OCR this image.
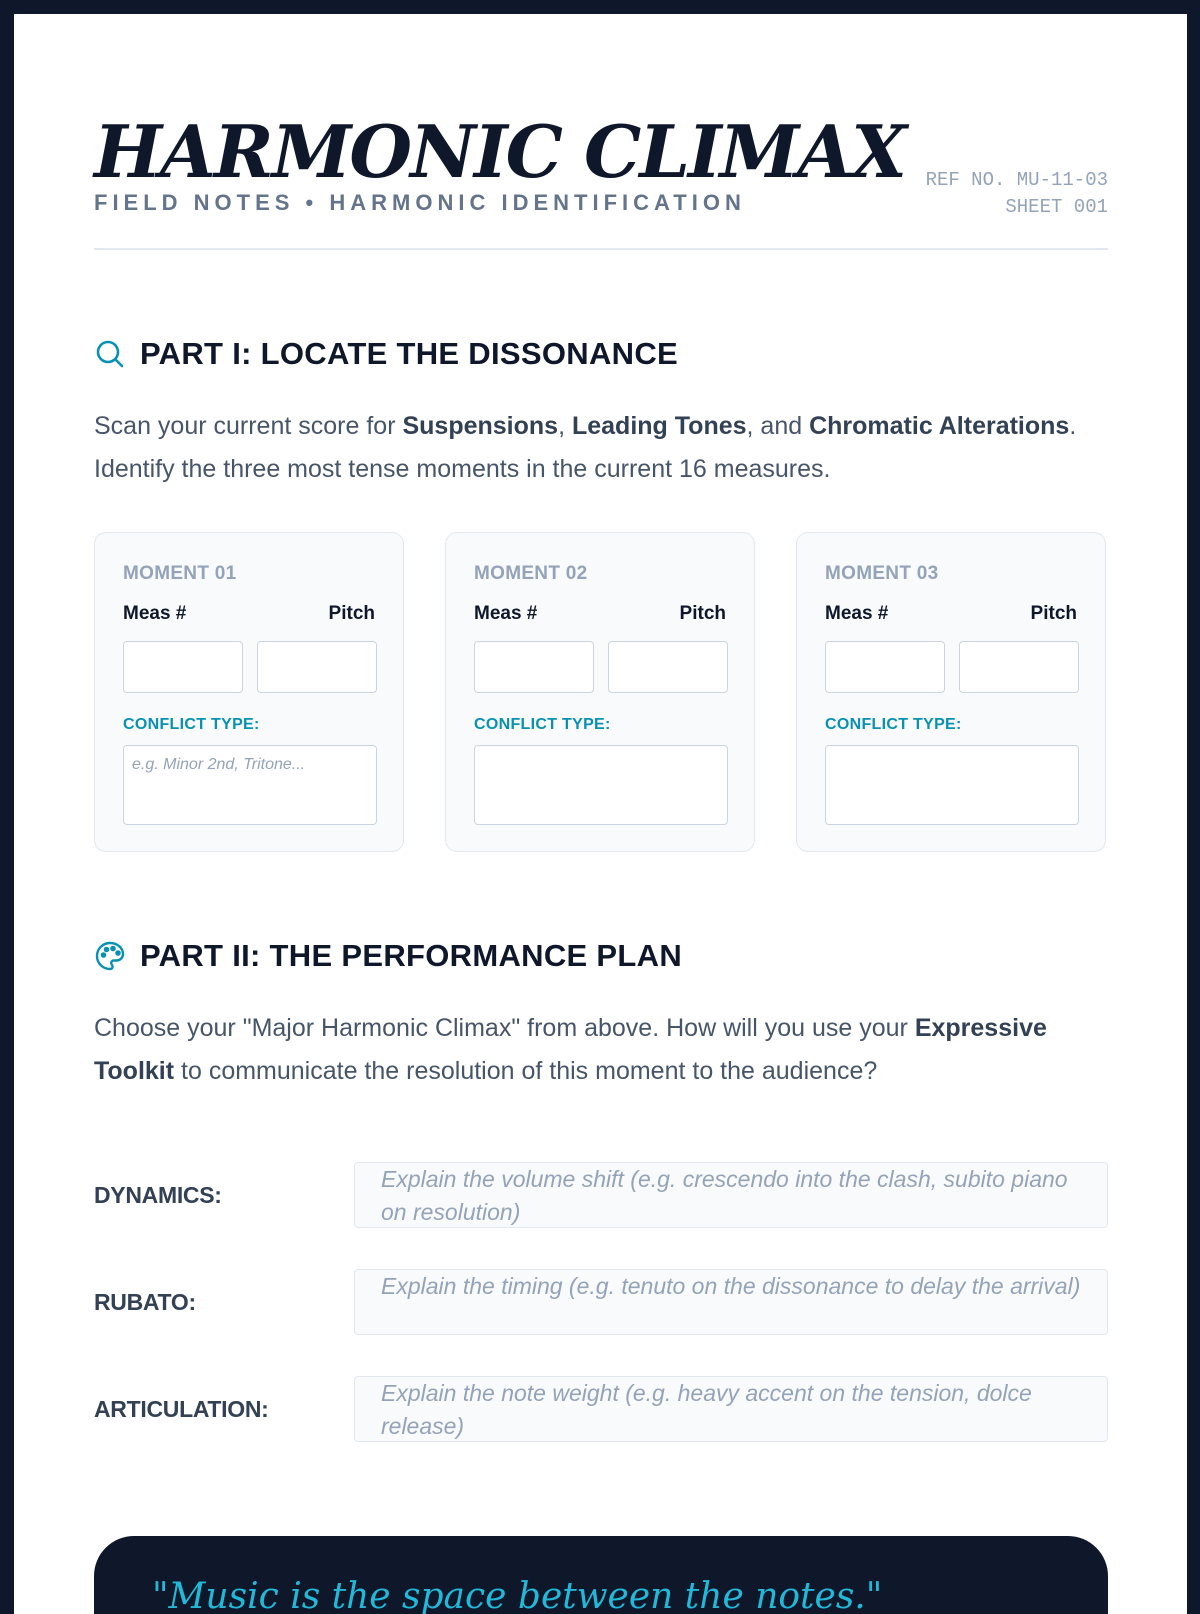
HARMONIC CLIMAX
FIELD NOTES • HARMONIC IDENTIFICATION
REF NO. MU-11-03
SHEET 001
PART I: LOCATE THE DISSONANCE

Scan your current score for Suspensions, Leading Tones, and Chromatic Alterations. Identify the three most tense moments in the current 16 measures.

MOMENT 01
Meas #	Pitch
CONFLICT TYPE:
e.g. Minor 2nd, Tritone...
MOMENT 02
Meas #	Pitch
CONFLICT TYPE:
MOMENT 03
Meas #	Pitch
CONFLICT TYPE:
PART II: THE PERFORMANCE PLAN

Choose your "Major Harmonic Climax" from above. How will you use your Expressive Toolkit to communicate the resolution of this moment to the audience?

DYNAMICS:
Explain the volume shift (e.g. crescendo into the clash, subito piano on resolution)
RUBATO:
Explain the timing (e.g. tenuto on the dissonance to delay the arrival)
ARTICULATION:
Explain the note weight (e.g. heavy accent on the tension, dolce release)
"Music is the space between the notes."
